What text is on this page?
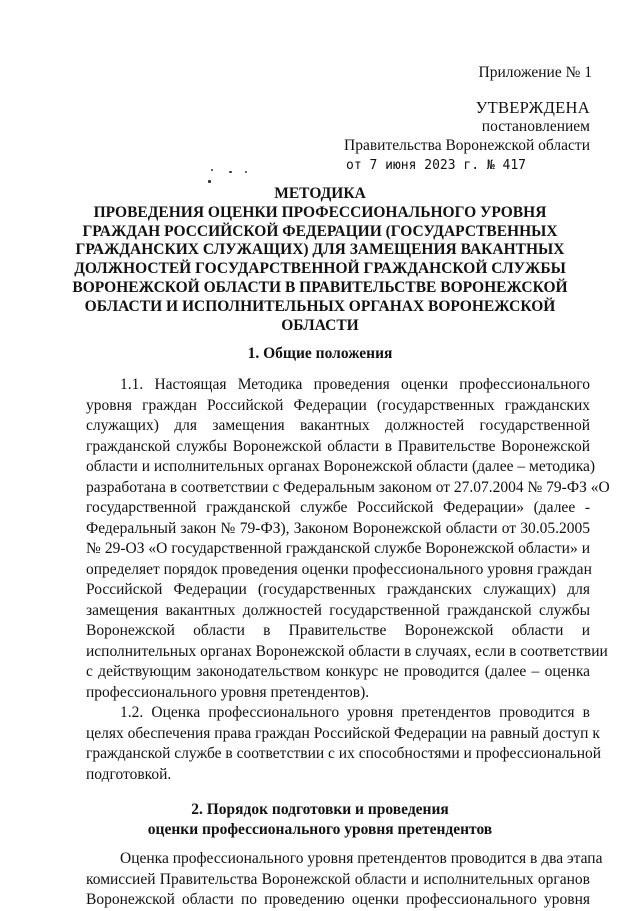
Приложение № 1
УТВЕРЖДЕНА
постановлением
Правительства Воронежской области
от 7 июня 2023 г. № 417
МЕТОДИКА
ПРОВЕДЕНИЯ ОЦЕНКИ ПРОФЕССИОНАЛЬНОГО УРОВНЯ
ГРАЖДАН РОССИЙСКОЙ ФЕДЕРАЦИИ (ГОСУДАРСТВЕННЫХ
ГРАЖДАНСКИХ СЛУЖАЩИХ) ДЛЯ ЗАМЕЩЕНИЯ ВАКАНТНЫХ
ДОЛЖНОСТЕЙ ГОСУДАРСТВЕННОЙ ГРАЖДАНСКОЙ СЛУЖБЫ
ВОРОНЕЖСКОЙ ОБЛАСТИ В ПРАВИТЕЛЬСТВЕ ВОРОНЕЖСКОЙ
ОБЛАСТИ И ИСПОЛНИТЕЛЬНЫХ ОРГАНАХ ВОРОНЕЖСКОЙ
ОБЛАСТИ
1. Общие положения
1.1. Настоящая Методика проведения оценки профессионального
уровня граждан Российской Федерации (государственных гражданских
служащих) для замещения вакантных должностей государственной
гражданской службы Воронежской области в Правительстве Воронежской
области и исполнительных органах Воронежской области (далее – методика)
разработана в соответствии с Федеральным законом от 27.07.2004 № 79-ФЗ «О
государственной гражданской службе Российской Федерации» (далее -
Федеральный закон № 79-ФЗ), Законом Воронежской области от 30.05.2005
№ 29-ОЗ «О государственной гражданской службе Воронежской области» и
определяет порядок проведения оценки профессионального уровня граждан
Российской Федерации (государственных гражданских служащих) для
замещения вакантных должностей государственной гражданской службы
Воронежской области в Правительстве Воронежской области и
исполнительных органах Воронежской области в случаях, если в соответствии
с действующим законодательством конкурс не проводится (далее – оценка
профессионального уровня претендентов).
1.2. Оценка профессионального уровня претендентов проводится в
целях обеспечения права граждан Российской Федерации на равный доступ к
гражданской службе в соответствии с их способностями и профессиональной
подготовкой.
2. Порядок подготовки и проведения
оценки профессионального уровня претендентов
Оценка профессионального уровня претендентов проводится в два этапа
комиссией Правительства Воронежской области и исполнительных органов
Воронежской области по проведению оценки профессионального уровня
